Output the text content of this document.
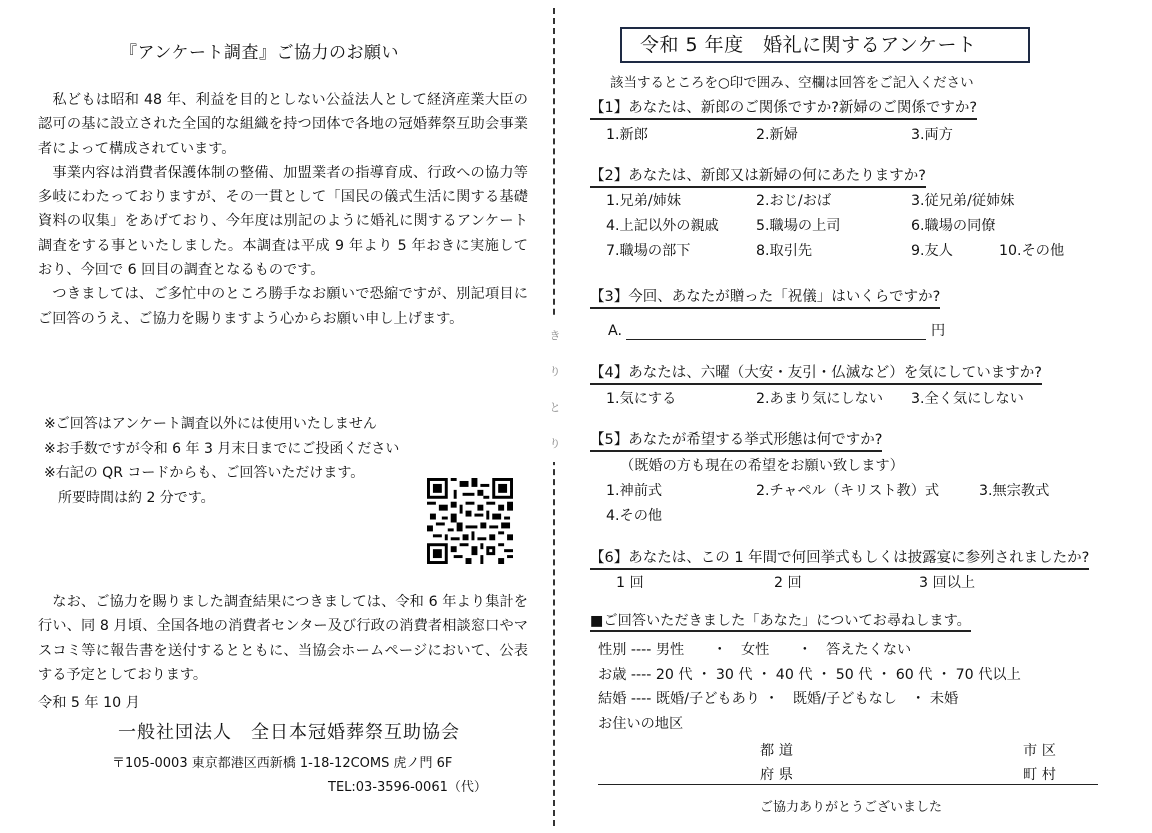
『アンケート調査』ご協力のお願い

　私どもは昭和 48 年、利益を目的としない公益法人として経済産業大臣の認可の基に設立された全国的な組織を持つ団体で各地の冠婚葬祭互助会事業者によって構成されています。

　事業内容は消費者保護体制の整備、加盟業者の指導育成、行政への協力等多岐にわたっておりますが、その一貫として「国民の儀式生活に関する基礎資料の収集」をあげており、今年度は別記のように婚礼に関するアンケート調査をする事といたしました。本調査は平成 9 年より 5 年おきに実施しており、今回で 6 回目の調査となるものです。

　つきましては、ご多忙中のところ勝手なお願いで恐縮ですが、別記項目にご回答のうえ、ご協力を賜りますよう心からお願い申し上げます。

※ご回答はアンケート調査以外には使用いたしません
※お手数ですが令和 6 年 3 月末日までにご投函ください
※右記の QR コードからも、ご回答いただけます。
　所要時間は約 2 分です。
　なお、ご協力を賜りました調査結果につきましては、令和 6 年より集計を行い、同 8 月頃、全国各地の消費者センター及び行政の消費者相談窓口やマスコミ等に報告書を送付するとともに、当協会ホームページにおいて、公表する予定としております。
令和 5 年 10 月
一般社団法人　全日本冠婚葬祭互助協会
〒105-0003 東京都港区西新橋 1-18-12COMS 虎ノ門 6F
TEL:03-3596-0061（代）
き
り
と
り
令和 5 年度　婚礼に関するアンケート
該当するところを○印で囲み、空欄は回答をご記入ください
【1】あなたは、新郎のご関係ですか?新婦のご関係ですか?
1.新郎	2.新婦	3.両方
【2】あなたは、新郎又は新婦の何にあたりますか?
1.兄弟/姉妹	2.おじ/おば	3.従兄弟/従姉妹
4.上記以外の親戚	5.職場の上司	6.職場の同僚
7.職場の部下	8.取引先	9.友人	10.その他
【3】今回、あなたが贈った「祝儀」はいくらですか?
A.	円
【4】あなたは、六曜（大安・友引・仏滅など）を気にしていますか?
1.気にする	2.あまり気にしない 3.全く気にしない
【5】あなたが希望する挙式形態は何ですか?
（既婚の方も現在の希望をお願い致します）
1.神前式	2.チャペル（キリスト教）式	3.無宗教式
4.その他
【6】あなたは、この 1 年間で何回挙式もしくは披露宴に参列されましたか?
1 回	2 回	3 回以上
■ご回答いただきました「あなた」についてお尋ねします。
性別 ---- 男性　　・　女性　　・　答えたくない
お歳 ---- 20 代 ・ 30 代 ・ 40 代 ・ 50 代 ・ 60 代 ・ 70 代以上
結婚 ---- 既婚/子どもあり ・　既婚/子どもなし　・ 未婚
お住いの地区
都 道
府 県
市 区
町 村
ご協力ありがとうございました
